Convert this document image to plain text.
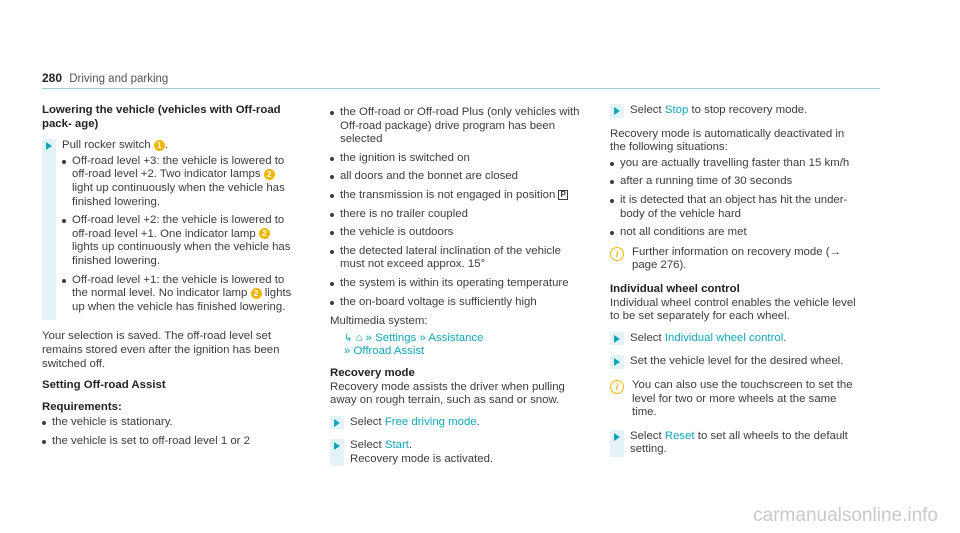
280 Driving and parking
Lowering the vehicle (vehicles with Off-road pack- age)
Pull rocker switch 1 .
Off-road level +3: the vehicle is lowered to off-road level +2. Two indicator lamps 2 light up continuously when the vehicle has finished lowering.
Off-road level +2: the vehicle is lowered to off-road level +1. One indicator lamp 2 lights up continuously when the vehicle has finished lowering.
Off-road level +1: the vehicle is lowered to the normal level. No indicator lamp 2 lights up when the vehicle has finished lowering.
Your selection is saved. The off-road level set remains stored even after the ignition has been switched off.
Setting Off-road Assist
Requirements:
the vehicle is stationary.
the vehicle is set to off-road level 1 or 2
the Off-road or Off-road Plus (only vehicles with Off-road package) drive program has been selected
the ignition is switched on
all doors and the bonnet are closed
the transmission is not engaged in position P
there is no trailer coupled
the vehicle is outdoors
the detected lateral inclination of the vehicle must not exceed approx. 15°
the system is within its operating temperature
the on-board voltage is sufficiently high
Multimedia system:
↳ ⌂ » Settings » Assistance
» Offroad Assist
Recovery mode
Recovery mode assists the driver when pulling away on rough terrain, such as sand or snow.
Select Free driving mode.
Select Start.
Recovery mode is activated.
Select Stop to stop recovery mode.
Recovery mode is automatically deactivated in the following situations:
you are actually travelling faster than 15 km/h
after a running time of 30 seconds
it is detected that an object has hit the under- body of the vehicle hard
not all conditions are met
i	Further information on recovery mode (→ page 276).
Individual wheel control
Individual wheel control enables the vehicle level to be set separately for each wheel.
Select Individual wheel control.
Set the vehicle level for the desired wheel.
i	You can also use the touchscreen to set the level for two or more wheels at the same time.
Select Reset to set all wheels to the default setting.
carmanualsonline.info
